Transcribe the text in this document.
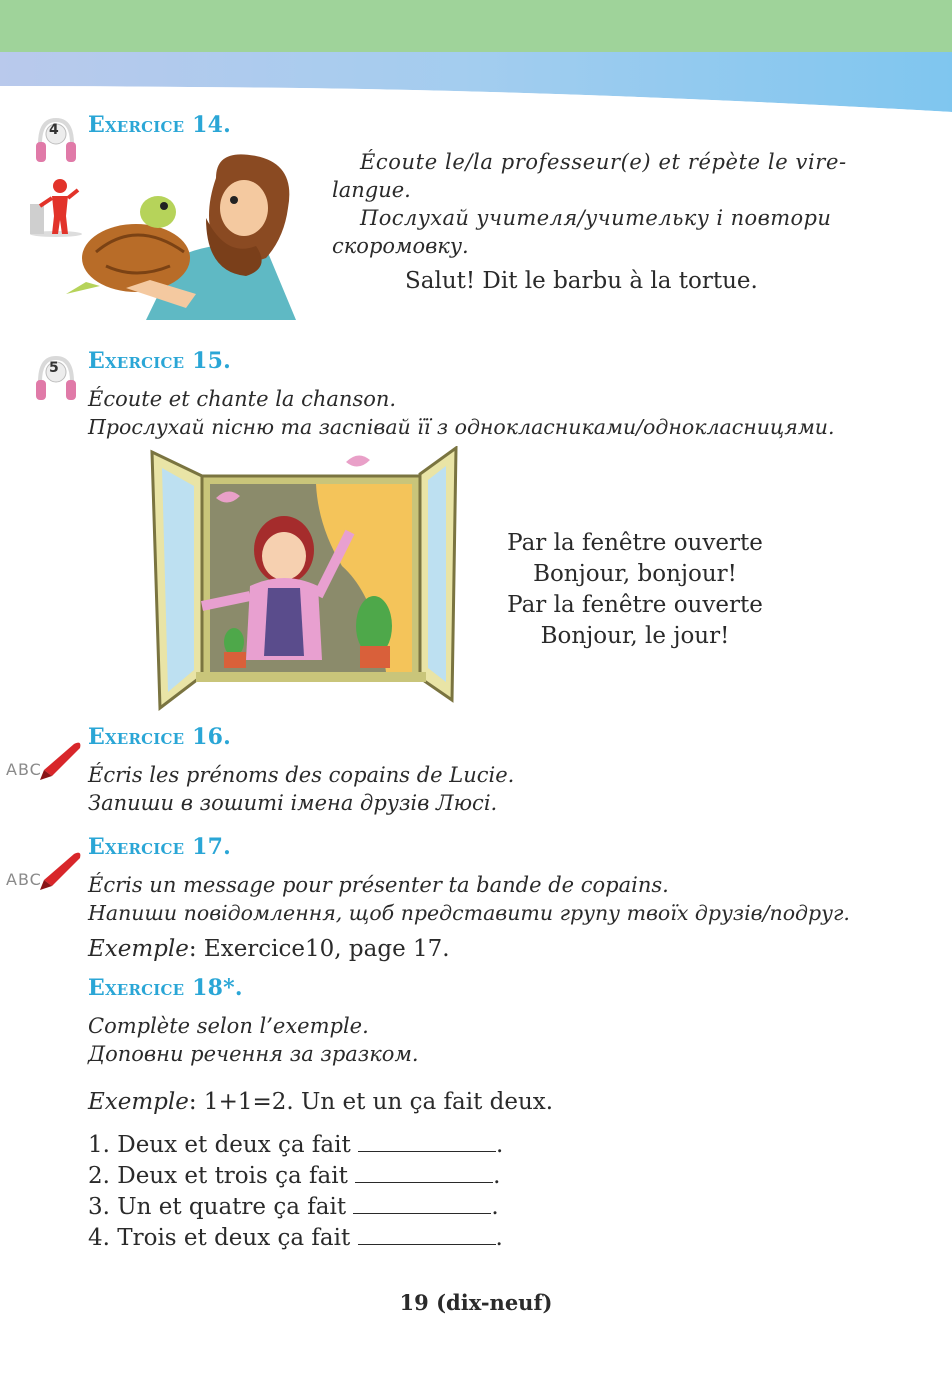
4 Exercice 14.
Écoute le/la professeur(e) et répète le vire-
langue.
Послухай учителя/учительку і повтори
скоромовку.
Salut! Dit le barbu à la tortue.
5 Exercice 15.
Écoute et chante la chanson.
Прослухай пісню та заспівай її з однокласниками/однокласницями.
Par la fenêtre ouverte
Bonjour, bonjour!
Par la fenêtre ouverte
Bonjour, le jour!
ABC
Exercice 16.
Écris les prénoms des copains de Lucie.
Запиши в зошиті імена друзів Люсі.
ABC
Exercice 17.
Écris un message pour présenter ta bande de copains.
Напиши повідомлення, щоб представити групу твоїх друзів/подруг.
Exemple: Exercice10, page 17.
Exercice 18*.
Complète selon l’exemple.
Доповни речення за зразком.
Exemple: 1+1=2. Un et un ça fait deux.
1. Deux et deux ça fait	.
2. Deux et trois ça fait	.
3. Un et quatre ça fait	.
4. Trois et deux ça fait	.
19 (dix-neuf)
